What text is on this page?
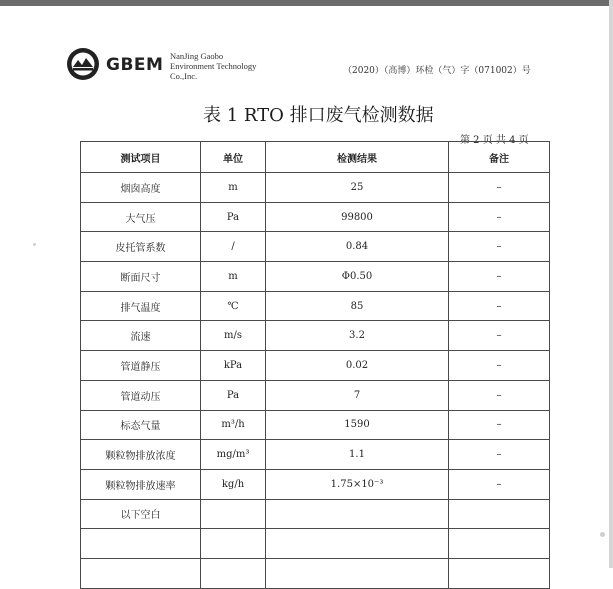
GBEM NanJing Gaobo
Environment Technology
Co.,Inc.	（2020）（高博）环检（气）字（071002）号
表 1 RTO 排口废气检测数据
第 2 页 共 4 页
测试项目	单位	检测结果	备注
烟囱高度	m	25	–
大气压	Pa	99800	–
皮托管系数	/	0.84	–
断面尺寸	m	Φ0.50	–
排气温度	℃	85	–
流速	m/s	3.2	–
管道静压	kPa	0.02	–
管道动压	Pa	7	–
标态气量	m³/h	1590	–
颗粒物排放浓度	mg/m³	1.1	–
颗粒物排放速率	kg/h	1.75×10⁻³	–
以下空白			
